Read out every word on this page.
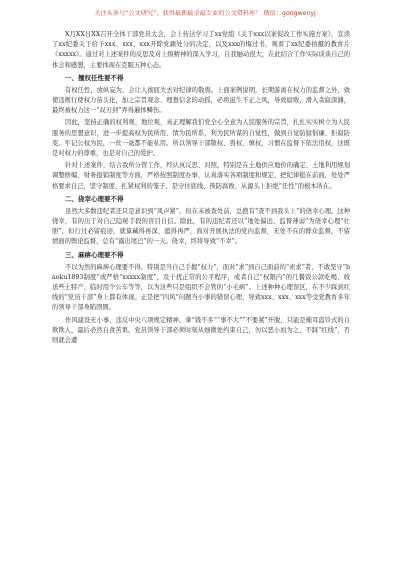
关注头条号“公文研究”，获得最新最全最专业的公文资料库！ 微信：gongwenyj

X月XX日XX召开全体干部党员大会，会上传达学习了xx党组《关于xxx以案促改工作实施方案》，宣读了xx纪委关于给予xxx、xxx、xxx开除党籍处分的决定，以及xxx的悔过书，观看了xx纪委拍摄的教育片《xxxxx》。通过对上述案件的反思及对上级精神的深入学习，自我触动很大，在此结合工作实际谈谈自己的体会和感想，主要体现在克服五种心态。

一、擅权任性要不得

有权任性，放纵妄为，会让人彻底失去对纪律的敬畏。上面案例说明，长期游离在权力的监督之外，致使违规行使权力苗头化，加之宗旨观念、理想信念的动摇，必将滋生不正之风，导致腐败，滑入贪腐深渊，最终被权力这一“双刃剑”弄得遍体鳞伤。

因此，坚持正确的权利观、地位观，真正理解我们党全心全意为人民服务的宗旨，扎扎实实树立为人民服务的思想意识，进一步提高权为民所用、情为民所系，利为民所谋的自觉性，做到自觉防腐倡廉、拒腐防变。牢记公权为民，一丝一毫都不能私用。所以领导干部敬权、畏权、慎权，习惯在监督下依法用权，这既是对权力的尊重，也是对自己的爱护。

针对上述案件，结合我所分管工作，经认真反思、对照，特别是在土地供应地价的确定、土地利用规划调整修编、财务报销制度等方面，严格按照制度办事，认真落实各项制度和规定，把纪律挺在前面，处处严格要求自己，坚守制度、扎紧权利的笼子，是守住底线、预防腐败、从源头上拒绝“任性”的根本所在。

二、侥幸心理要不得

虽然大多数违纪者还只是意识到“风声紧”，但在未被查处前，总抱有“查不到我头上”的侥幸心理。这种侥幸，有的出于对自己隐秘手段的盲目自信。除此，有的违纪者还以“地处偏远、监督薄弱”为侥幸心理“壮胆”，但行过必留痕迹，就算藏得再深、遮得再严，面对开展执法的党内监督，无处不在的群众监督，不留情面的舆论监督，总有“露出尾巴”的一天。侥幸，终将导致“不幸”。

三、麻痹心理要不得

不以为然的麻痹心理要不得。特别是当自己手握“权力”，面对“求”到自己面前的“索求”者，不敢坚守“baoku1893制度”或严格“xxxxx制度”，及干扰正常的公平程序，或者自己“权限内”的几餐饭公款吃喝、收送些土特产、临时用个公车等等，以为这些只是组织不会管的“小毛病”。上述种种心理误区，在不少踩到红线的“党员干部”身上都有体现。正是把“四风”问题当小事的错误心理，导致xxx、xxx、xxx等受党教育多年的领导干部身陷囹圄。

作风建设无小事，违反中央八项规定精神，拿“钱不多”“事不大”“不要紧”开脱，只能是掩耳盗铃式的自欺欺人，最后必然自食苦果。党员领导干部必须时刻从细微处约束自己，勿以恶小而为之，不踩“红线”，否则就会遭
